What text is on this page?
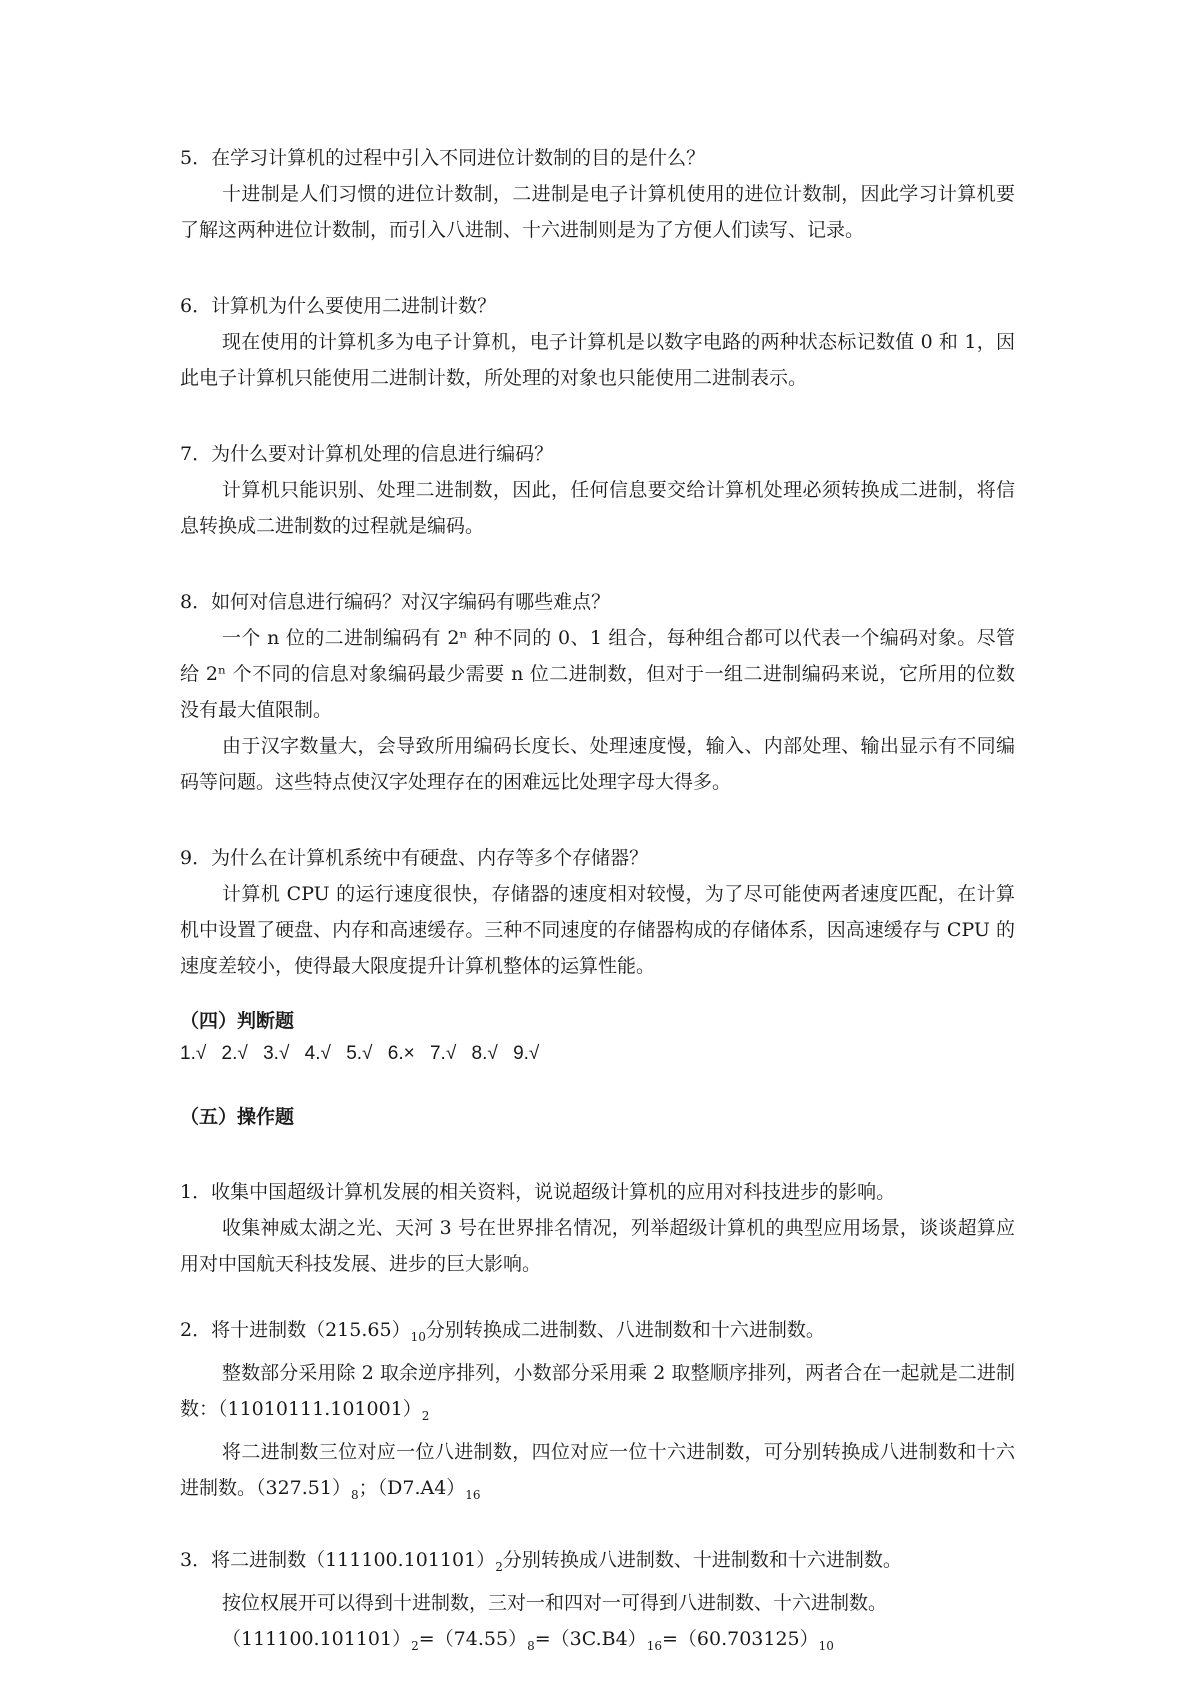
5．在学习计算机的过程中引入不同进位计数制的目的是什么？

十进制是人们习惯的进位计数制，二进制是电子计算机使用的进位计数制，因此学习计算机要了解这两种进位计数制，而引入八进制、十六进制则是为了方便人们读写、记录。

6．计算机为什么要使用二进制计数？

现在使用的计算机多为电子计算机，电子计算机是以数字电路的两种状态标记数值 0 和 1，因此电子计算机只能使用二进制计数，所处理的对象也只能使用二进制表示。

7．为什么要对计算机处理的信息进行编码？

计算机只能识别、处理二进制数，因此，任何信息要交给计算机处理必须转换成二进制，将信息转换成二进制数的过程就是编码。

8．如何对信息进行编码？对汉字编码有哪些难点？

一个 n 位的二进制编码有 2ⁿ 种不同的 0、1 组合，每种组合都可以代表一个编码对象。尽管给 2ⁿ 个不同的信息对象编码最少需要 n 位二进制数，但对于一组二进制编码来说，它所用的位数没有最大值限制。

由于汉字数量大，会导致所用编码长度长、处理速度慢，输入、内部处理、输出显示有不同编码等问题。这些特点使汉字处理存在的困难远比处理字母大得多。

9．为什么在计算机系统中有硬盘、内存等多个存储器？

计算机 CPU 的运行速度很快，存储器的速度相对较慢，为了尽可能使两者速度匹配，在计算机中设置了硬盘、内存和高速缓存。三种不同速度的存储器构成的存储体系，因高速缓存与 CPU 的速度差较小，使得最大限度提升计算机整体的运算性能。

（四）判断题

1.√ 2.√ 3.√ 4.√ 5.√ 6.× 7.√ 8.√ 9.√

（五）操作题

1．收集中国超级计算机发展的相关资料，说说超级计算机的应用对科技进步的影响。

收集神威太湖之光、天河 3 号在世界排名情况，列举超级计算机的典型应用场景，谈谈超算应用对中国航天科技发展、进步的巨大影响。

2．将十进制数$(215.65)_{10}$分别转换成二进制数、八进制数和十六进制数。

整数部分采用除 2 取余逆序排列，小数部分采用乘 2 取整顺序排列，两者合在一起就是二进制数：$(11010111.101001)_2$

将二进制数三位对应一位八进制数，四位对应一位十六进制数，可分别转换成八进制数和十六进制数。$(327.51)_8$；$(D7.A4)_{16}$

3．将二进制数$(111100.101101)_2$分别转换成八进制数、十进制数和十六进制数。

按位权展开可以得到十进制数，三对一和四对一可得到八进制数、十六进制数。

$(111100.101101)_2=(74.55)_8=(3C.B4)_{16}=(60.703125)_{10}$
